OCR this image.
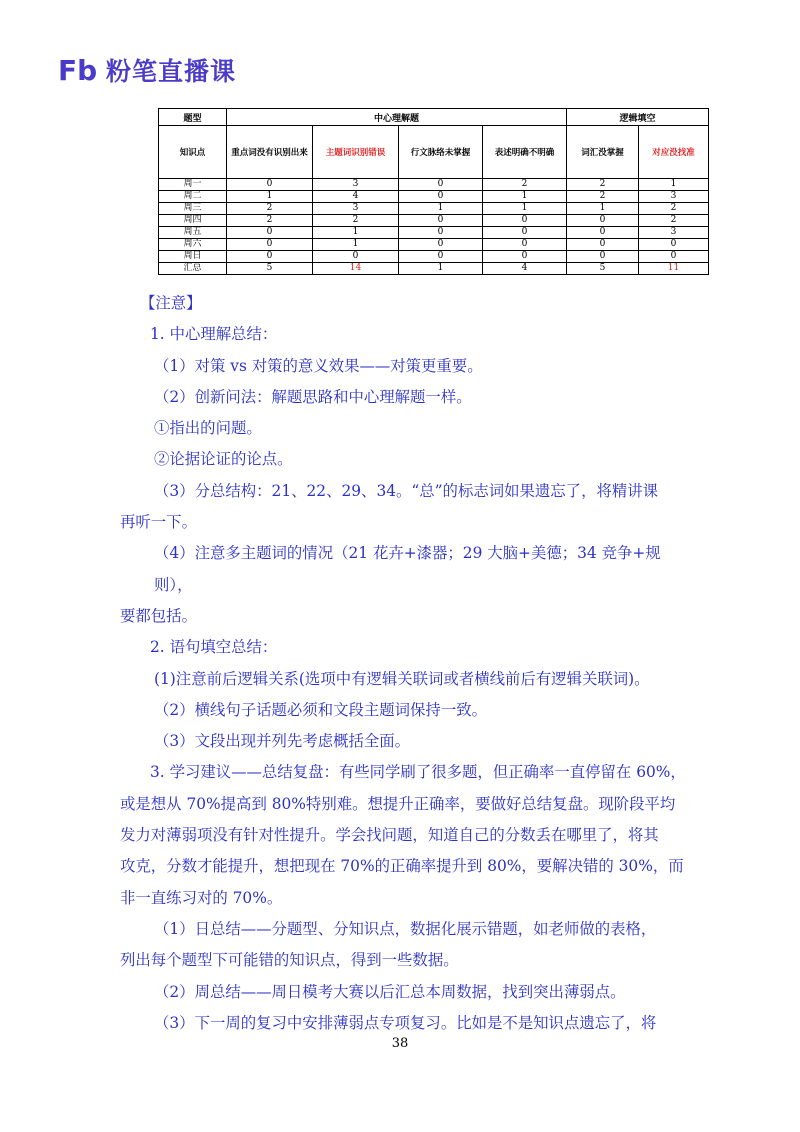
Fb 粉笔直播课
题型	中心理解题				逻辑填空	
知识点	重点词没有识别出来	主题词识别错误	行文脉络未掌握	表述明确不明确	词汇没掌握	对应没找准
周一	0	3	0	2	2	1
周二	1	4	0	1	2	3
周三	2	3	1	1	1	2
周四	2	2	0	0	0	2
周五	0	1	0	0	0	3
周六	0	1	0	0	0	0
周日	0	0	0	0	0	0
汇总	5	14	1	4	5	11

【注意】

1. 中心理解总结：

（1）对策 vs 对策的意义效果——对策更重要。

（2）创新问法：解题思路和中心理解题一样。

①指出的问题。

②论据论证的论点。

（3）分总结构：21、22、29、34。“总”的标志词如果遗忘了，将精讲课

再听一下。

（4）注意多主题词的情况（21 花卉+漆器；29 大脑+美德；34 竞争+规则），

要都包括。

2. 语句填空总结：

(1)注意前后逻辑关系(选项中有逻辑关联词或者横线前后有逻辑关联词)。

（2）横线句子话题必须和文段主题词保持一致。

（3）文段出现并列先考虑概括全面。

3. 学习建议——总结复盘：有些同学刷了很多题，但正确率一直停留在 60%，

或是想从 70%提高到 80%特别难。想提升正确率，要做好总结复盘。现阶段平均

发力对薄弱项没有针对性提升。学会找问题，知道自己的分数丢在哪里了，将其

攻克，分数才能提升，想把现在 70%的正确率提升到 80%，要解决错的 30%，而

非一直练习对的 70%。

（1）日总结——分题型、分知识点，数据化展示错题，如老师做的表格，

列出每个题型下可能错的知识点，得到一些数据。

（2）周总结——周日模考大赛以后汇总本周数据，找到突出薄弱点。

（3）下一周的复习中安排薄弱点专项复习。比如是不是知识点遗忘了，将

38
